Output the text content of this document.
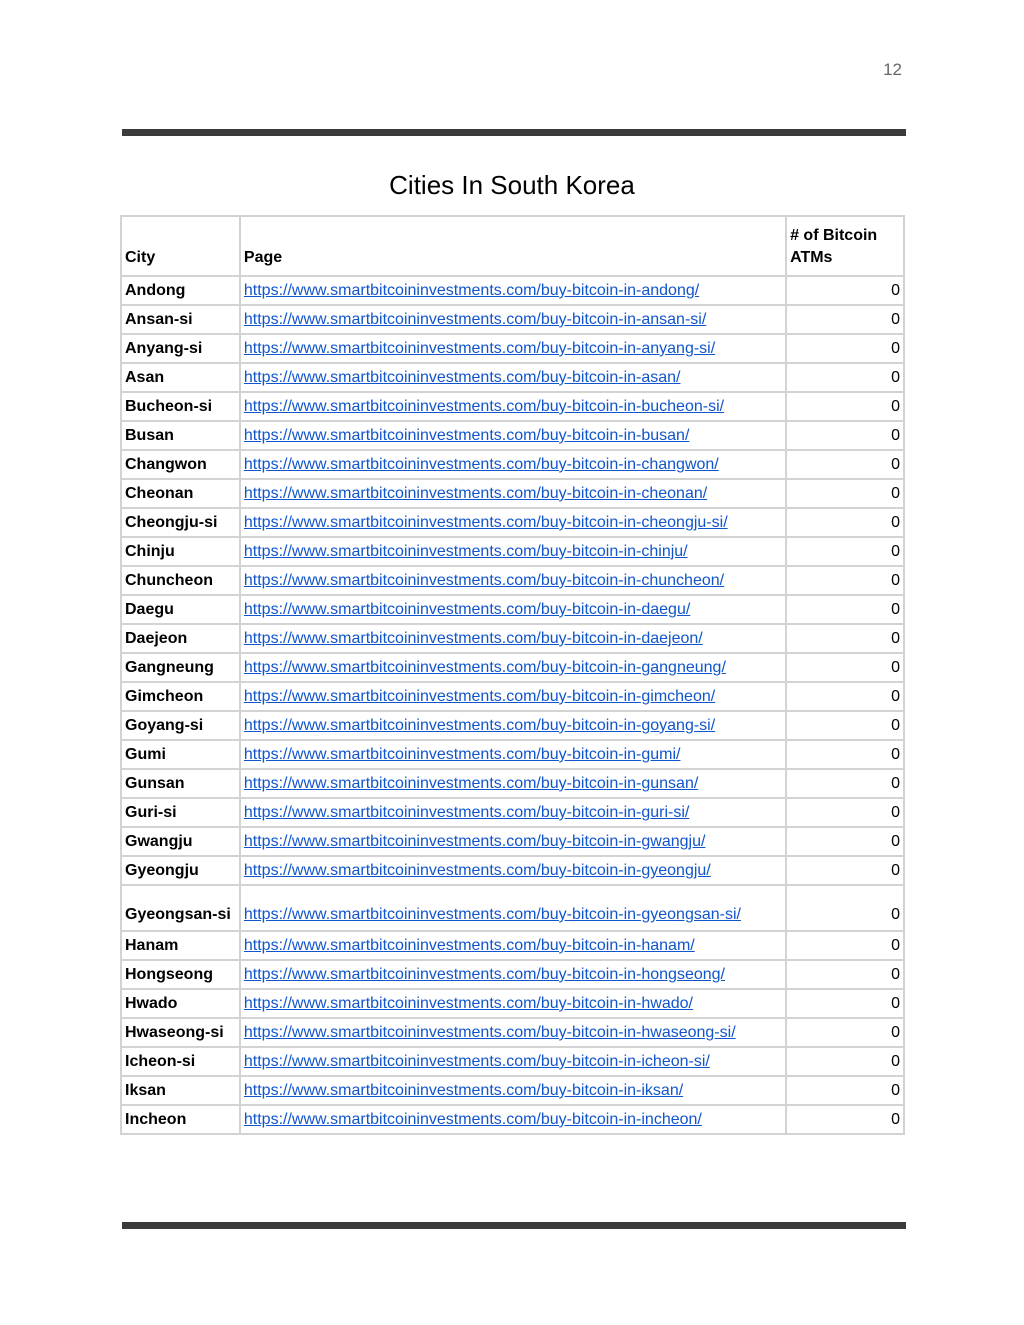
12
Cities In South Korea
City	Page	# of Bitcoin ATMs
Andong	https://www.smartbitcoininvestments.com/buy-bitcoin-in-andong/	0
Ansan-si	https://www.smartbitcoininvestments.com/buy-bitcoin-in-ansan-si/	0
Anyang-si	https://www.smartbitcoininvestments.com/buy-bitcoin-in-anyang-si/	0
Asan	https://www.smartbitcoininvestments.com/buy-bitcoin-in-asan/	0
Bucheon-si	https://www.smartbitcoininvestments.com/buy-bitcoin-in-bucheon-si/	0
Busan	https://www.smartbitcoininvestments.com/buy-bitcoin-in-busan/	0
Changwon	https://www.smartbitcoininvestments.com/buy-bitcoin-in-changwon/	0
Cheonan	https://www.smartbitcoininvestments.com/buy-bitcoin-in-cheonan/	0
Cheongju-si	https://www.smartbitcoininvestments.com/buy-bitcoin-in-cheongju-si/	0
Chinju	https://www.smartbitcoininvestments.com/buy-bitcoin-in-chinju/	0
Chuncheon	https://www.smartbitcoininvestments.com/buy-bitcoin-in-chuncheon/	0
Daegu	https://www.smartbitcoininvestments.com/buy-bitcoin-in-daegu/	0
Daejeon	https://www.smartbitcoininvestments.com/buy-bitcoin-in-daejeon/	0
Gangneung	https://www.smartbitcoininvestments.com/buy-bitcoin-in-gangneung/	0
Gimcheon	https://www.smartbitcoininvestments.com/buy-bitcoin-in-gimcheon/	0
Goyang-si	https://www.smartbitcoininvestments.com/buy-bitcoin-in-goyang-si/	0
Gumi	https://www.smartbitcoininvestments.com/buy-bitcoin-in-gumi/	0
Gunsan	https://www.smartbitcoininvestments.com/buy-bitcoin-in-gunsan/	0
Guri-si	https://www.smartbitcoininvestments.com/buy-bitcoin-in-guri-si/	0
Gwangju	https://www.smartbitcoininvestments.com/buy-bitcoin-in-gwangju/	0
Gyeongju	https://www.smartbitcoininvestments.com/buy-bitcoin-in-gyeongju/	0
Gyeongsan-si	https://www.smartbitcoininvestments.com/buy-bitcoin-in-gyeongsan-si/	0
Hanam	https://www.smartbitcoininvestments.com/buy-bitcoin-in-hanam/	0
Hongseong	https://www.smartbitcoininvestments.com/buy-bitcoin-in-hongseong/	0
Hwado	https://www.smartbitcoininvestments.com/buy-bitcoin-in-hwado/	0
Hwaseong-si	https://www.smartbitcoininvestments.com/buy-bitcoin-in-hwaseong-si/	0
Icheon-si	https://www.smartbitcoininvestments.com/buy-bitcoin-in-icheon-si/	0
Iksan	https://www.smartbitcoininvestments.com/buy-bitcoin-in-iksan/	0
Incheon	https://www.smartbitcoininvestments.com/buy-bitcoin-in-incheon/	0
